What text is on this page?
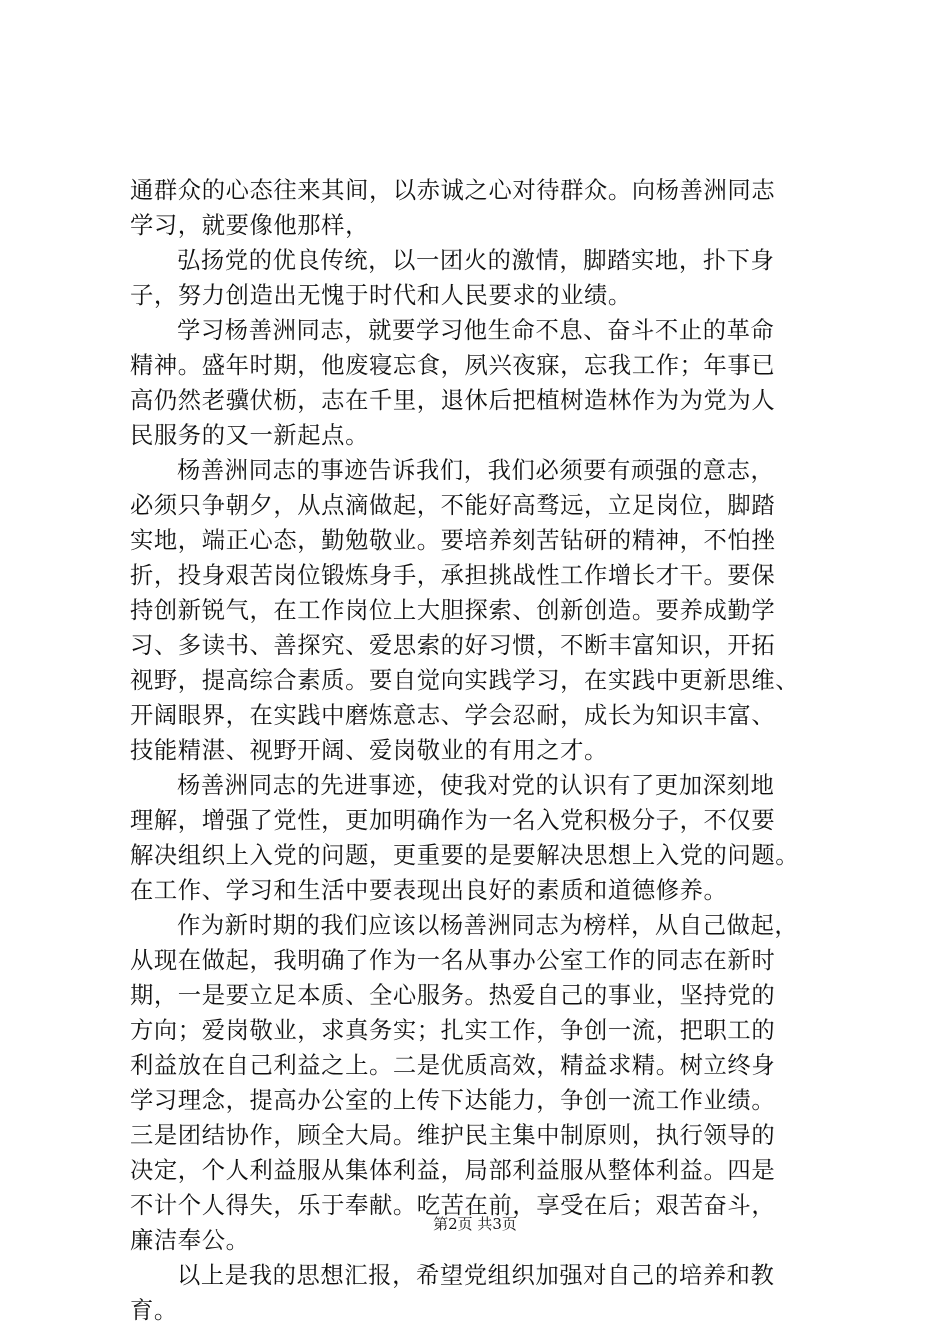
通群众的心态往来其间，以赤诚之心对待群众。向杨善洲同志
学习，就要像他那样，
弘扬党的优良传统，以一团火的激情，脚踏实地，扑下身
子，努力创造出无愧于时代和人民要求的业绩。
学习杨善洲同志，就要学习他生命不息、奋斗不止的革命
精神。盛年时期，他废寝忘食，夙兴夜寐，忘我工作；年事已
高仍然老骥伏枥，志在千里，退休后把植树造林作为为党为人
民服务的又一新起点。
杨善洲同志的事迹告诉我们，我们必须要有顽强的意志，
必须只争朝夕，从点滴做起，不能好高骛远，立足岗位，脚踏
实地，端正心态，勤勉敬业。要培养刻苦钻研的精神，不怕挫
折，投身艰苦岗位锻炼身手，承担挑战性工作增长才干。要保
持创新锐气，在工作岗位上大胆探索、创新创造。要养成勤学
习、多读书、善探究、爱思索的好习惯，不断丰富知识，开拓
视野，提高综合素质。要自觉向实践学习，在实践中更新思维、
开阔眼界，在实践中磨炼意志、学会忍耐，成长为知识丰富、
技能精湛、视野开阔、爱岗敬业的有用之才。
杨善洲同志的先进事迹，使我对党的认识有了更加深刻地
理解，增强了党性，更加明确作为一名入党积极分子，不仅要
解决组织上入党的问题，更重要的是要解决思想上入党的问题。
在工作、学习和生活中要表现出良好的素质和道德修养。
作为新时期的我们应该以杨善洲同志为榜样，从自己做起，
从现在做起，我明确了作为一名从事办公室工作的同志在新时
期，一是要立足本质、全心服务。热爱自己的事业，坚持党的
方向；爱岗敬业，求真务实；扎实工作，争创一流，把职工的
利益放在自己利益之上。二是优质高效，精益求精。树立终身
学习理念，提高办公室的上传下达能力，争创一流工作业绩。
三是团结协作，顾全大局。维护民主集中制原则，执行领导的
决定，个人利益服从集体利益，局部利益服从整体利益。四是
不计个人得失，乐于奉献。吃苦在前，享受在后；艰苦奋斗，
廉洁奉公。
以上是我的思想汇报，希望党组织加强对自己的培养和教
育。
第2页 共3页
